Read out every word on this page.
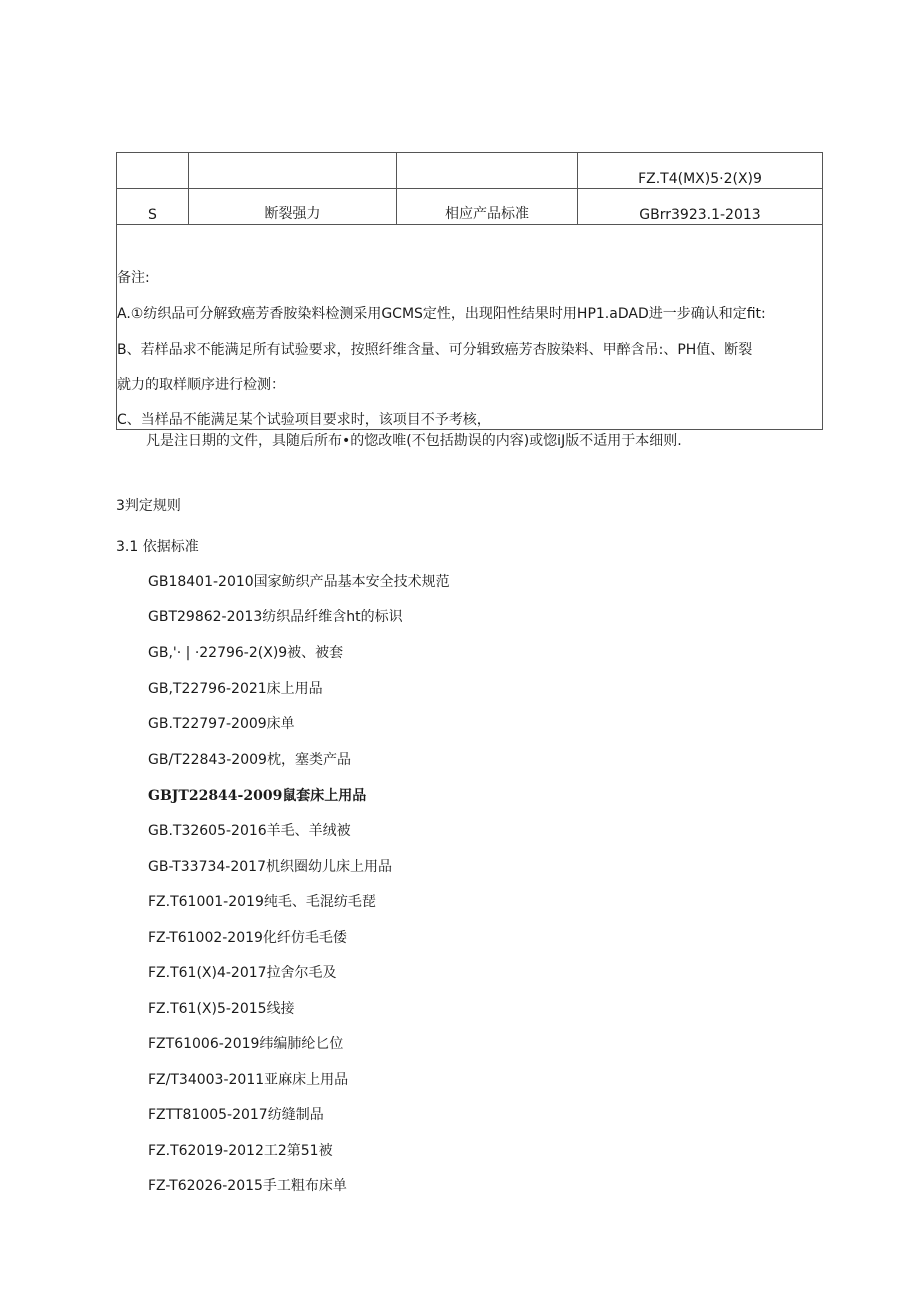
			FZ.T4(MX)5·2(X)9
S	断裂强力	相应产品标准	GBrr3923.1-2013

备注:
A.①纺织品可分解致癌芳香胺染料检测采用GCMS定性，出现阳性结果时用HP1.aDAD进一步确认和定fit:
B、若样品求不能满足所有试验要求，按照纤维含量、可分辑致癌芳杏胺染料、甲醉含吊:、PH值、断裂
就力的取样顺序进行检测：
C、当样品不能满足某个试验项目要求时，该项目不予考核，			
凡是注日期的文件，具随后所布•的惚改唯(不包括勘误的内容)或惚iJ版不适用于本细则.
3判定规则
3.1 依据标准
GB18401-2010国家鲂织产品基本安全技术规范
GBT29862-2013纺织品纤维含ht的标识
GB,'· | ·22796-2(X)9被、被套
GB,T22796-2021床上用品
GB.T22797-2009床单
GB/T22843-2009枕，塞类产品
GBJT22844-2009鼠套床上用品
GB.T32605-2016羊毛、羊绒被
GB-T33734-2017机织圈幼儿床上用品
FZ.T61001-2019纯毛、毛混纺毛琵
FZ-T61002-2019化纤仿毛毛倭
FZ.T61(X)4-2017拉舍尔毛及
FZ.T61(X)5-2015线接
FZT61006-2019纬编肺纶匕位
FZ/T34003-2011亚麻床上用品
FZTT81005-2017纺缝制品
FZ.T62019-2012工2第51被
FZ-T62026-2015手工粗布床单
